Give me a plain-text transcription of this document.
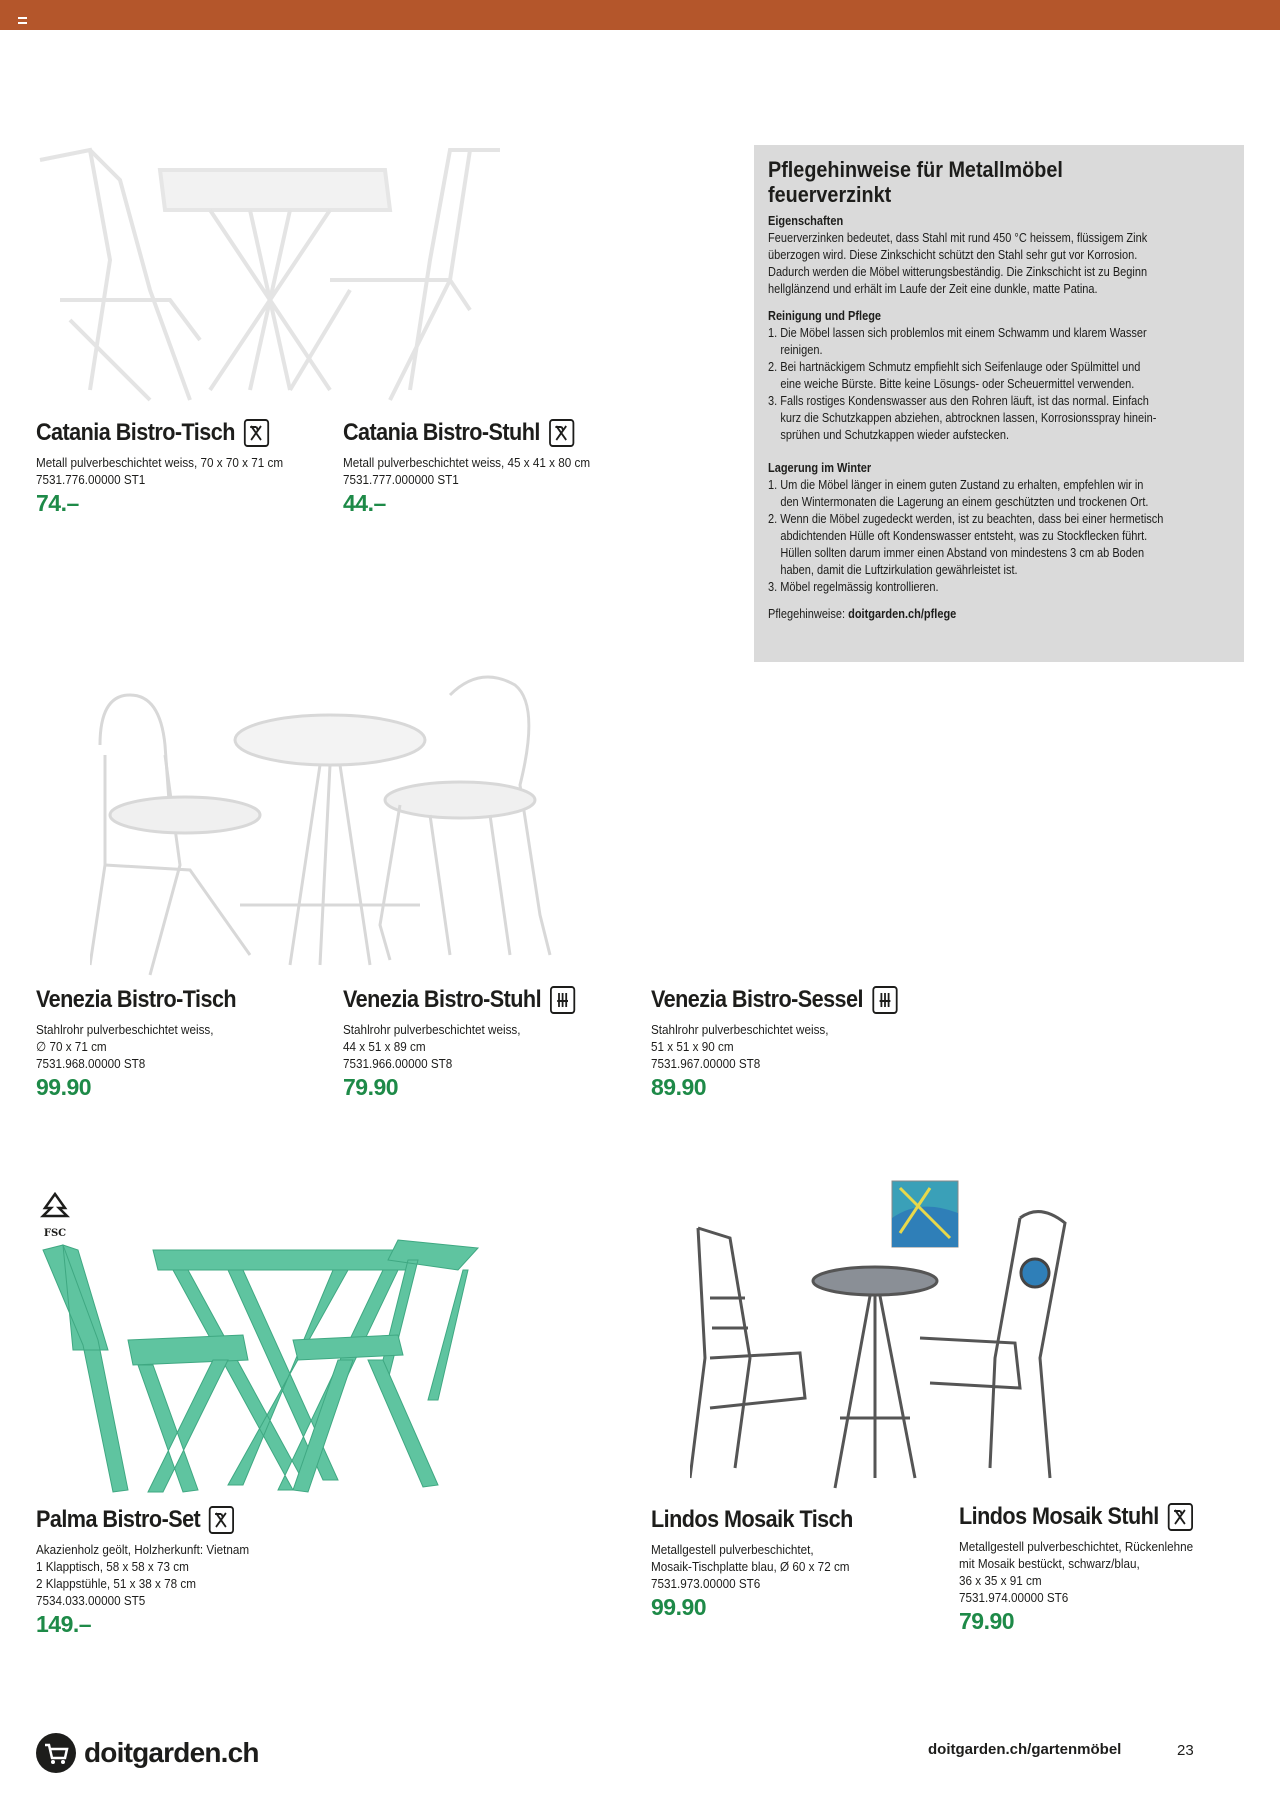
Catania Bistro-Tisch
Metall pulverbeschichtet weiss, 70 x 70 x 71 cm
7531.776.00000 ST1
74.–
Catania Bistro-Stuhl
Metall pulverbeschichtet weiss, 45 x 41 x 80 cm
7531.777.000000 ST1
44.–
Pflegehinweise für Metallmöbel
feuerverzinkt
Eigenschaften
Feuerverzinken bedeutet, dass Stahl mit rund 450 °C heissem, flüssigem Zink
überzogen wird. Diese Zinkschicht schützt den Stahl sehr gut vor Korrosion.
Dadurch werden die Möbel witterungsbeständig. Die Zinkschicht ist zu Beginn
hellglänzend und erhält im Laufe der Zeit eine dunkle, matte Patina.
Reinigung und Pflege
1. Die Möbel lassen sich problemlos mit einem Schwamm und klarem Wasser
reinigen.
2. Bei hartnäckigem Schmutz empfiehlt sich Seifenlauge oder Spülmittel und
eine weiche Bürste. Bitte keine Lösungs- oder Scheuermittel verwenden.
3. Falls rostiges Kondenswasser aus den Rohren läuft, ist das normal. Einfach
kurz die Schutzkappen abziehen, abtrocknen lassen, Korrosionsspray hinein-
sprühen und Schutzkappen wieder aufstecken.
Lagerung im Winter
1. Um die Möbel länger in einem guten Zustand zu erhalten, empfehlen wir in
den Wintermonaten die Lagerung an einem geschützten und trockenen Ort.
2. Wenn die Möbel zugedeckt werden, ist zu beachten, dass bei einer hermetisch
abdichtenden Hülle oft Kondenswasser entsteht, was zu Stockflecken führt.
Hüllen sollten darum immer einen Abstand von mindestens 3 cm ab Boden
haben, damit die Luftzirkulation gewährleistet ist.
3. Möbel regelmässig kontrollieren.
Pflegehinweise: doitgarden.ch/pflege
Venezia Bistro-Tisch
Stahlrohr pulverbeschichtet weiss,
∅ 70 x 71 cm
7531.968.00000 ST8
99.90
Venezia Bistro-Stuhl
Stahlrohr pulverbeschichtet weiss,
44 x 51 x 89 cm
7531.966.00000 ST8
79.90
Venezia Bistro-Sessel
Stahlrohr pulverbeschichtet weiss,
51 x 51 x 90 cm
7531.967.00000 ST8
89.90
FSC
Palma Bistro-Set
Akazienholz geölt, Holzherkunft: Vietnam
1 Klapptisch, 58 x 58 x 73 cm
2 Klappstühle, 51 x 38 x 78 cm
7534.033.00000 ST5
149.–
Lindos Mosaik Tisch
Metallgestell pulverbeschichtet,
Mosaik-Tischplatte blau, Ø 60 x 72 cm
7531.973.00000 ST6
99.90
Lindos Mosaik Stuhl
Metallgestell pulverbeschichtet, Rückenlehne
mit Mosaik bestückt, schwarz/blau,
36 x 35 x 91 cm
7531.974.00000 ST6
79.90
doitgarden.ch	doitgarden.ch/gartenmöbel	23
